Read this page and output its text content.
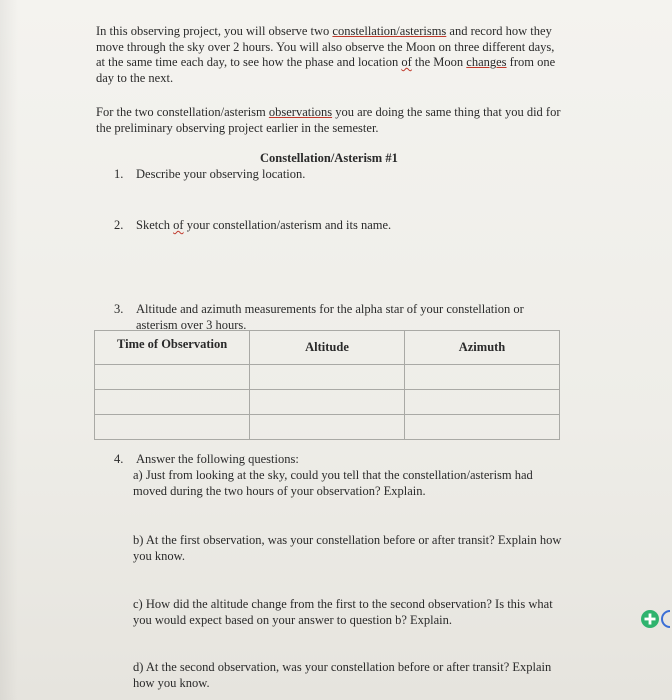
In this observing project, you will observe two constellation/asterisms and record how they move through the sky over 2 hours. You will also observe the Moon on three different days, at the same time each day, to see how the phase and location of the Moon changes from one day to the next.

For the two constellation/asterism observations you are doing the same thing that you did for the preliminary observing project earlier in the semester.

Constellation/Asterism #1
1. Describe your observing location.
2. Sketch of your constellation/asterism and its name.
3. Altitude and azimuth measurements for the alpha star of your constellation or asterism over 3 hours.
Time of Observation	Altitude	Azimuth

4. Answer the following questions:
a) Just from looking at the sky, could you tell that the constellation/asterism had moved during the two hours of your observation? Explain.
b) At the first observation, was your constellation before or after transit? Explain how you know.
c) How did the altitude change from the first to the second observation? Is this what you would expect based on your answer to question b? Explain.
d) At the second observation, was your constellation before or after transit? Explain how you know.
